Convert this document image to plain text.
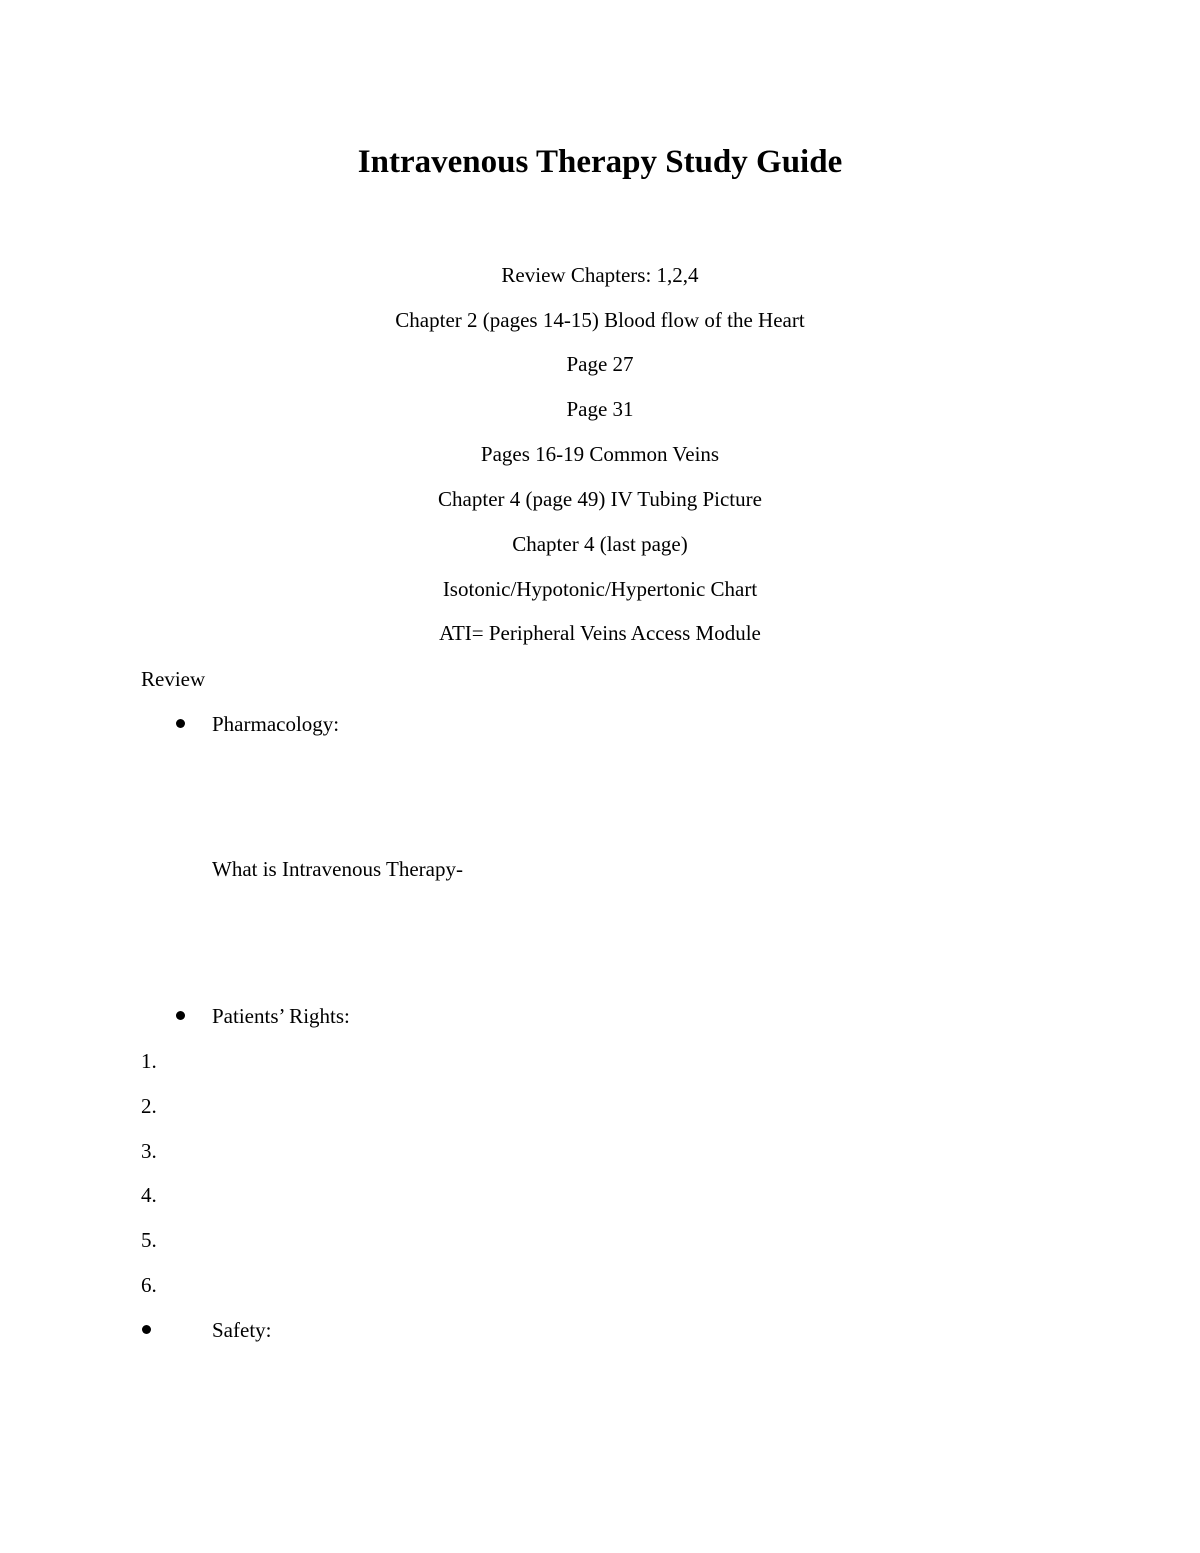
Intravenous Therapy Study Guide

Review Chapters: 1,2,4

Chapter 2 (pages 14-15) Blood flow of the Heart

Page 27

Page 31

Pages 16-19 Common Veins

Chapter 4 (page 49) IV Tubing Picture

Chapter 4 (last page)

Isotonic/Hypotonic/Hypertonic Chart

ATI= Peripheral Veins Access Module

Review

Pharmacology:

What is Intravenous Therapy-

Patients’ Rights:

1.

2.

3.

4.

5.

6.

Safety:
